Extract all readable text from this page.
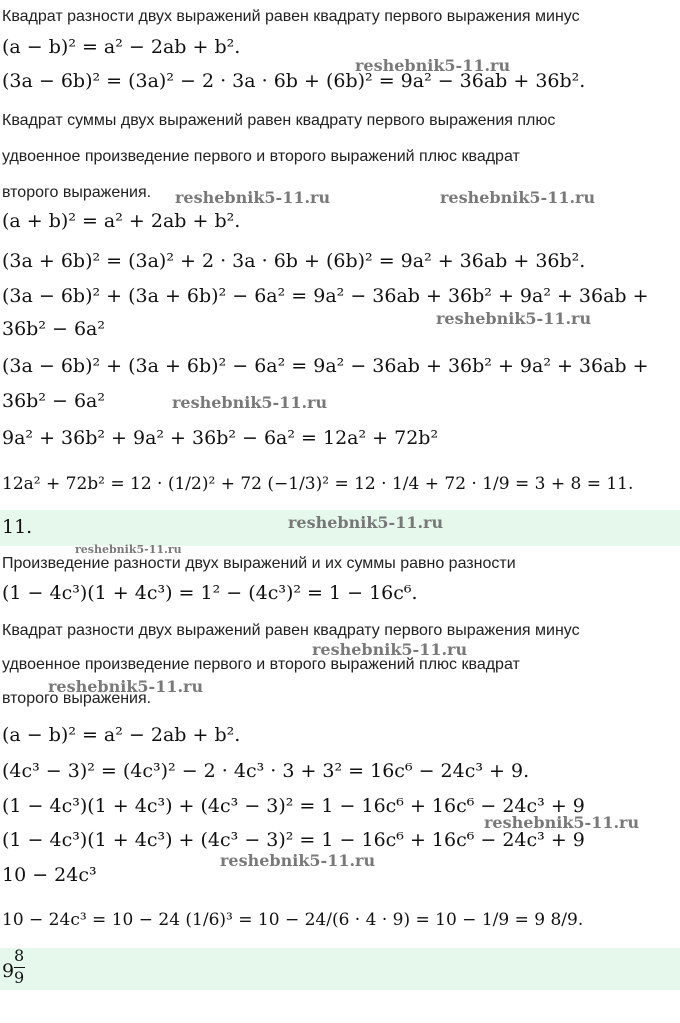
Квадрат разности двух выражений равен квадрату первого выражения минус
(a − b)² = a² − 2ab + b².
(3a − 6b)² = (3a)² − 2 · 3a · 6b + (6b)² = 9a² − 36ab + 36b².
Квадрат суммы двух выражений равен квадрату первого выражения плюс
удвоенное произведение первого и второго выражений плюс квадрат
второго выражения.
(a + b)² = a² + 2ab + b².
(3a + 6b)² = (3a)² + 2 · 3a · 6b + (6b)² = 9a² + 36ab + 36b².
(3a − 6b)² + (3a + 6b)² − 6a² = 9a² − 36ab + 36b² + 9a² + 36ab +
36b² − 6a²
(3a − 6b)² + (3a + 6b)² − 6a² = 9a² − 36ab + 36b² + 9a² + 36ab +
36b² − 6a²
9a² + 36b² + 9a² + 36b² − 6a² = 12a² + 72b²
12a² + 72b² = 12 · (1/2)² + 72 (−1/3)² = 12 · 1/4 + 72 · 1/9 = 3 + 8 = 11.
11.
Произведение разности двух выражений и их суммы равно разности
(1 − 4c³)(1 + 4c³) = 1² − (4c³)² = 1 − 16c⁶.
Квадрат разности двух выражений равен квадрату первого выражения минус
удвоенное произведение первого и второго выражений плюс квадрат
второго выражения.
(a − b)² = a² − 2ab + b².
(4c³ − 3)² = (4c³)² − 2 · 4c³ · 3 + 3² = 16c⁶ − 24c³ + 9.
(1 − 4c³)(1 + 4c³) + (4c³ − 3)² = 1 − 16c⁶ + 16c⁶ − 24c³ + 9
(1 − 4c³)(1 + 4c³) + (4c³ − 3)² = 1 − 16c⁶ + 16c⁶ − 24c³ + 9
10 − 24c³
10 − 24c³ = 10 − 24 (1/6)³ = 10 − 24/(6 · 4 · 9) = 10 − 1/9 = 9 8/9.
9
8
9
reshebnik5-11.ru
reshebnik5-11.ru	reshebnik5-11.ru
reshebnik5-11.ru
reshebnik5-11.ru
reshebnik5-11.ru
reshebnik5-11.ru
reshebnik5-11.ru
reshebnik5-11.ru
reshebnik5-11.ru
reshebnik5-11.ru
